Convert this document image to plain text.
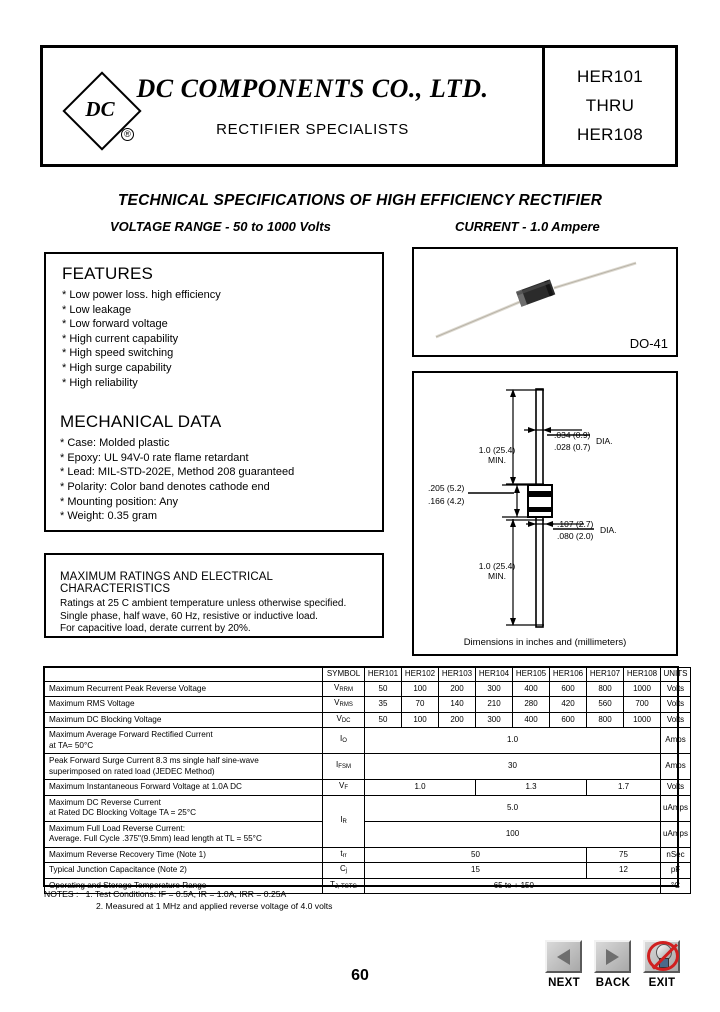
DC
®
DC COMPONENTS CO., LTD.
RECTIFIER SPECIALISTS
HER101
THRU
HER108
TECHNICAL SPECIFICATIONS OF HIGH EFFICIENCY RECTIFIER
VOLTAGE RANGE - 50 to 1000 Volts	CURRENT - 1.0 Ampere
FEATURES
* Low power loss. high efficiency
* Low leakage
* Low forward voltage
* High current capability
* High speed switching
* High surge capability
* High reliability
MECHANICAL DATA
* Case: Molded plastic
* Epoxy: UL 94V-0 rate flame retardant
* Lead: MIL-STD-202E, Method 208 guaranteed
* Polarity: Color band denotes cathode end
* Mounting position: Any
* Weight: 0.35 gram
MAXIMUM RATINGS AND ELECTRICAL CHARACTERISTICS

Ratings at 25 C ambient temperature unless otherwise specified.

Single phase, half wave, 60 Hz, resistive or inductive load.

For capacitive load, derate current by 20%.

DO-41
.034 (0.9)
.028 (0.7)
DIA.
1.0 (25.4)
MIN.
.205 (5.2)
.166 (4.2)
.107 (2.7)
.080 (2.0)
DIA.
1.0 (25.4)
MIN.
Dimensions in inches and (millimeters)
	SYMBOL	HER101	HER102	HER103	HER104	HER105	HER106	HER107	HER108	UNITS
Maximum Recurrent Peak Reverse Voltage	VRRM	50	100	200	300	400	600	800	1000	Volts
Maximum RMS Voltage	VRMS	35	70	140	210	280	420	560	700	Volts
Maximum DC Blocking Voltage	VDC	50	100	200	300	400	600	800	1000	Volts

Maximum Average Forward Rectified Current
at TA= 50°C	IO	1.0								Amps

Peak Forward Surge Current 8.3 ms single half sine-wave
superimposed on rated load (JEDEC Method)	IFSM	30								Amps
Maximum Instantaneous Forward Voltage at 1.0A DC	VF	1.0			1.3			1.7		Volts

Maximum DC Reverse Current
at Rated DC Blocking Voltage TA = 25°C	IR	5.0								uAmps

Maximum Full Load Reverse Current:
Average. Full Cycle .375"(9.5mm) lead length at TL = 55°C		100								uAmps
Maximum Reverse Recovery Time (Note 1)	trr	50						75		nSec
Typical Junction Capacitance (Note 2)	Cj	15						12		pF
Operating and Storage Temperature Range	TJ, TSTG	-65 to + 150								°C
NOTES : 1. Test Conditions: IF = 0.5A, IR = 1.0A, IRR = 0.25A
2. Measured at 1 MHz and applied reverse voltage of 4.0 volts
60	NEXT	BACK	EXIT
